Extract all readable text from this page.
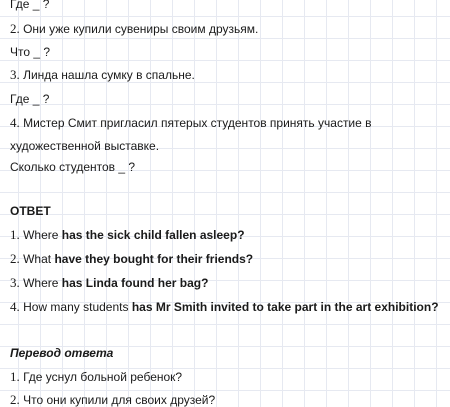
Где _ ?
2. Они уже купили сувениры своим друзьям.
Что _ ?
3. Линда нашла сумку в спальне.
Где _ ?
4. Мистер Смит пригласил пятерых студентов принять участие в
художественной выставке.
Сколько студентов _ ?
ОТВЕТ
1. Where has the sick child fallen asleep?
2. What have they bought for their friends?
3. Where has Linda found her bag?
4. How many students has Mr Smith invited to take part in the art exhibition?
Перевод ответа
1. Где уснул больной ребенок?
2. Что они купили для своих друзей?
